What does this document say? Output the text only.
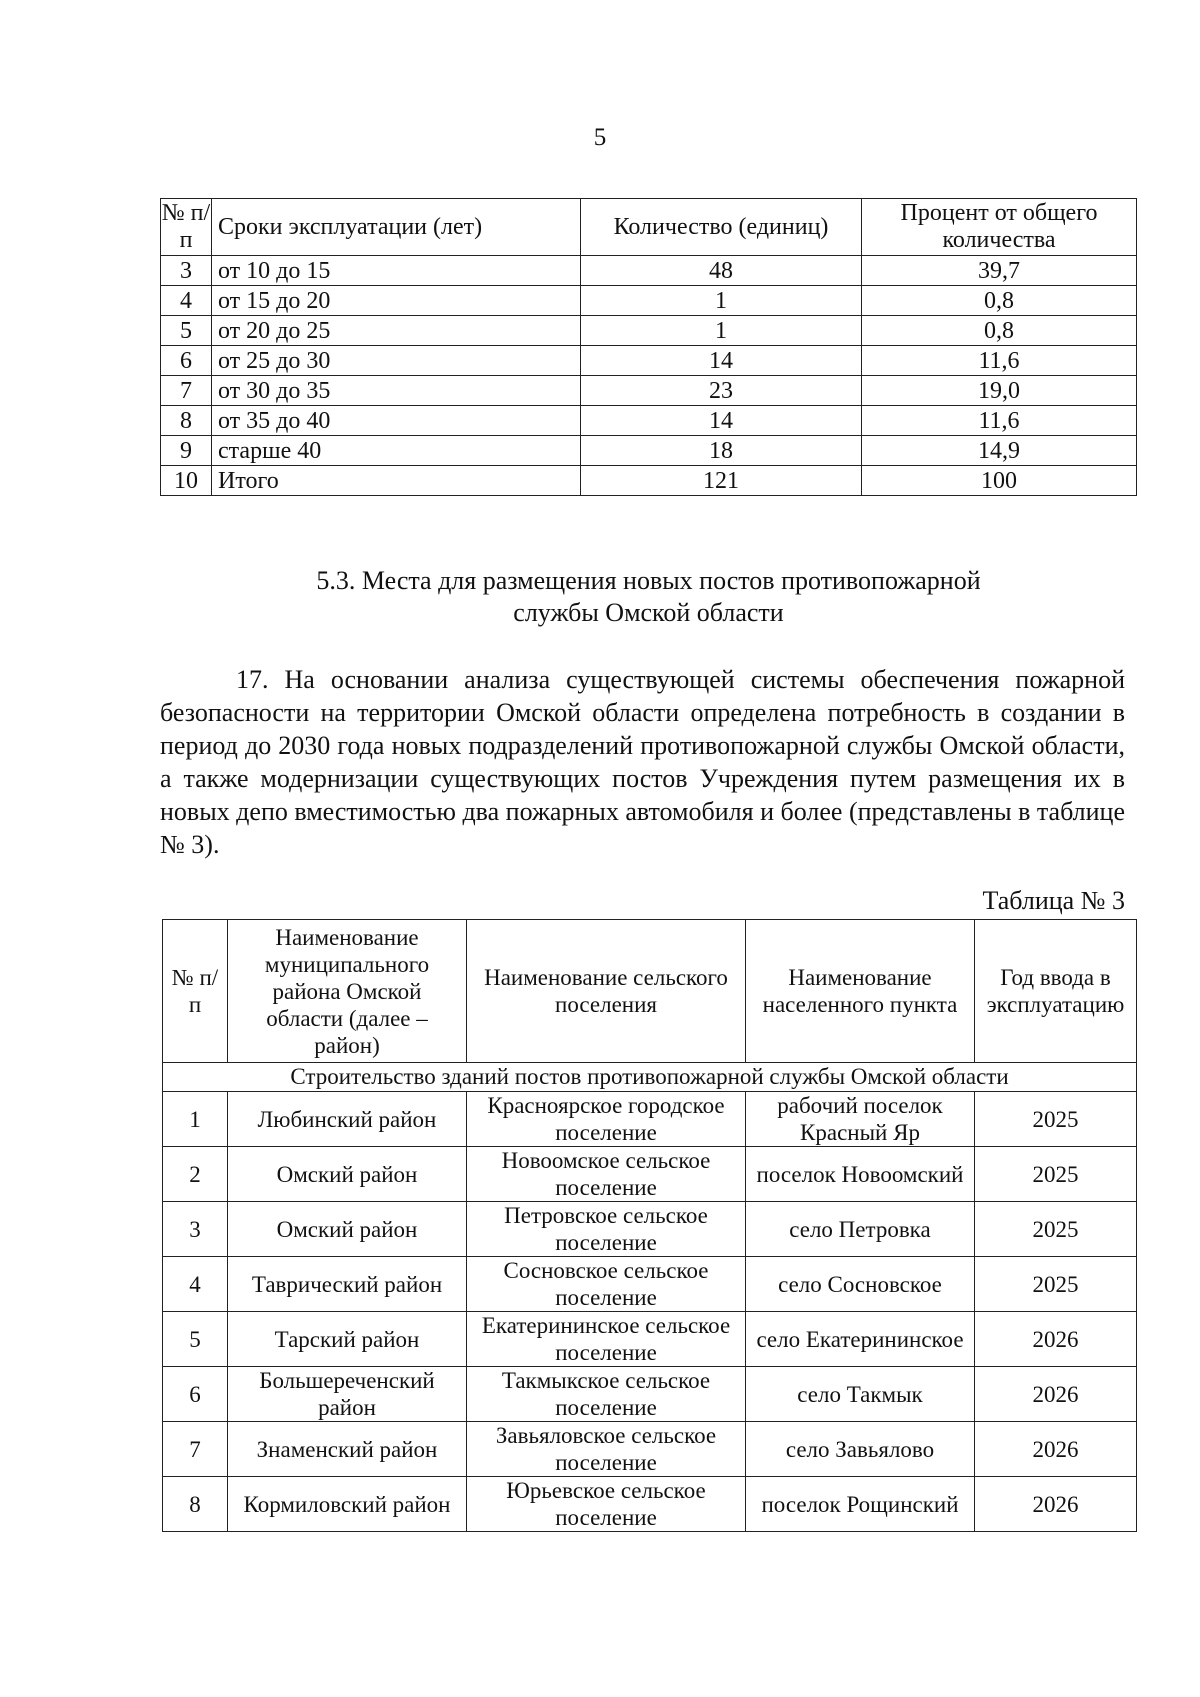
5
№ п/п	Сроки эксплуатации (лет)	Количество (единиц)	Процент от общего количества
3	от 10 до 15	48	39,7
4	от 15 до 20	1	0,8
5	от 20 до 25	1	0,8
6	от 25 до 30	14	11,6
7	от 30 до 35	23	19,0
8	от 35 до 40	14	11,6
9	старше 40	18	14,9
10	Итого	121	100
5.3. Места для размещения новых постов противопожарной
службы Омской области
17. На основании анализа существующей системы обеспечения пожарной безопасности на территории Омской области определена потребность в создании в период до 2030 года новых подразделений противопожарной службы Омской области, а также модернизации существующих постов Учреждения путем размещения их в новых депо вместимостью два пожарных автомобиля и более (представлены в таблице № 3).
Таблица № 3
№ п/п	Наименование муниципального района Омской области (далее – район)	Наименование сельского поселения	Наименование населенного пункта	Год ввода в эксплуатацию
Строительство зданий постов противопожарной службы Омской области				
1	Любинский район	Красноярское городское поселение	рабочий поселок Красный Яр	2025
2	Омский район	Новоомское сельское поселение	поселок Новоомский	2025
3	Омский район	Петровское сельское поселение	село Петровка	2025
4	Таврический район	Сосновское сельское поселение	село Сосновское	2025
5	Тарский район	Екатерининское сельское поселение	село Екатерининское	2026
6	Большереченский район	Такмыкское сельское поселение	село Такмык	2026
7	Знаменский район	Завьяловское сельское поселение	село Завьялово	2026
8	Кормиловский район	Юрьевское сельское поселение	поселок Рощинский	2026
